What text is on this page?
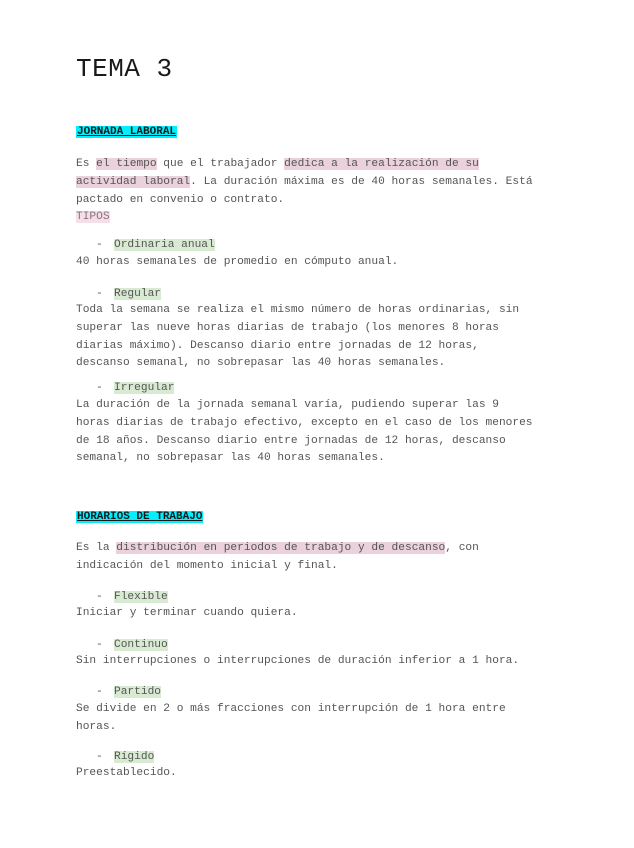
TEMA 3

JORNADA LABORAL

Es el tiempo que el trabajador dedica a la realización de su
actividad laboral. La duración máxima es de 40 horas semanales. Está
pactado en convenio o contrato.
TIPOS

- Ordinaria anual

40 horas semanales de promedio en cómputo anual.

- Regular

Toda la semana se realiza el mismo número de horas ordinarias, sin
superar las nueve horas diarias de trabajo (los menores 8 horas
diarias máximo). Descanso diario entre jornadas de 12 horas,
descanso semanal, no sobrepasar las 40 horas semanales.

- Irregular

La duración de la jornada semanal varía, pudiendo superar las 9
horas diarias de trabajo efectivo, excepto en el caso de los menores
de 18 años. Descanso diario entre jornadas de 12 horas, descanso
semanal, no sobrepasar las 40 horas semanales.

HORARIOS DE TRABAJO

Es la distribución en periodos de trabajo y de descanso, con
indicación del momento inicial y final.

- Flexible

Iniciar y terminar cuando quiera.

- Continuo

Sin interrupciones o interrupciones de duración inferior a 1 hora.

- Partido

Se divide en 2 o más fracciones con interrupción de 1 hora entre
horas.

- Rígido

Preestablecido.
